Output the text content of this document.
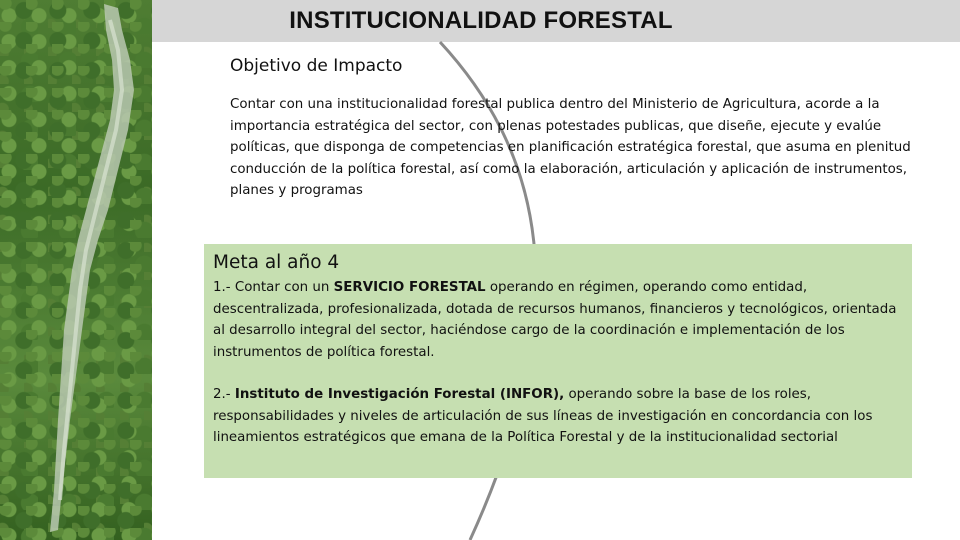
INSTITUCIONALIDAD FORESTAL
Objetivo de Impacto

Contar con una institucionalidad forestal publica dentro del Ministerio de Agricultura, acorde a la importancia estratégica del sector, con plenas potestades publicas, que diseñe, ejecute y evalúe políticas, que disponga de competencias en planificación estratégica forestal, que asuma en plenitud conducción de la política forestal, así como la elaboración, articulación y aplicación de instrumentos, planes y programas

Meta al año 4

1.- Contar con un SERVICIO FORESTAL operando en régimen, operando como entidad, descentralizada, profesionalizada, dotada de recursos humanos, financieros y tecnológicos, orientada al desarrollo integral del sector, haciéndose cargo de la coordinación e implementación de los instrumentos de política forestal.

2.- Instituto de Investigación Forestal (INFOR), operando sobre la base de los roles, responsabilidades y niveles de articulación de sus líneas de investigación en concordancia con los lineamientos estratégicos que emana de la Política Forestal y de la institucionalidad sectorial
